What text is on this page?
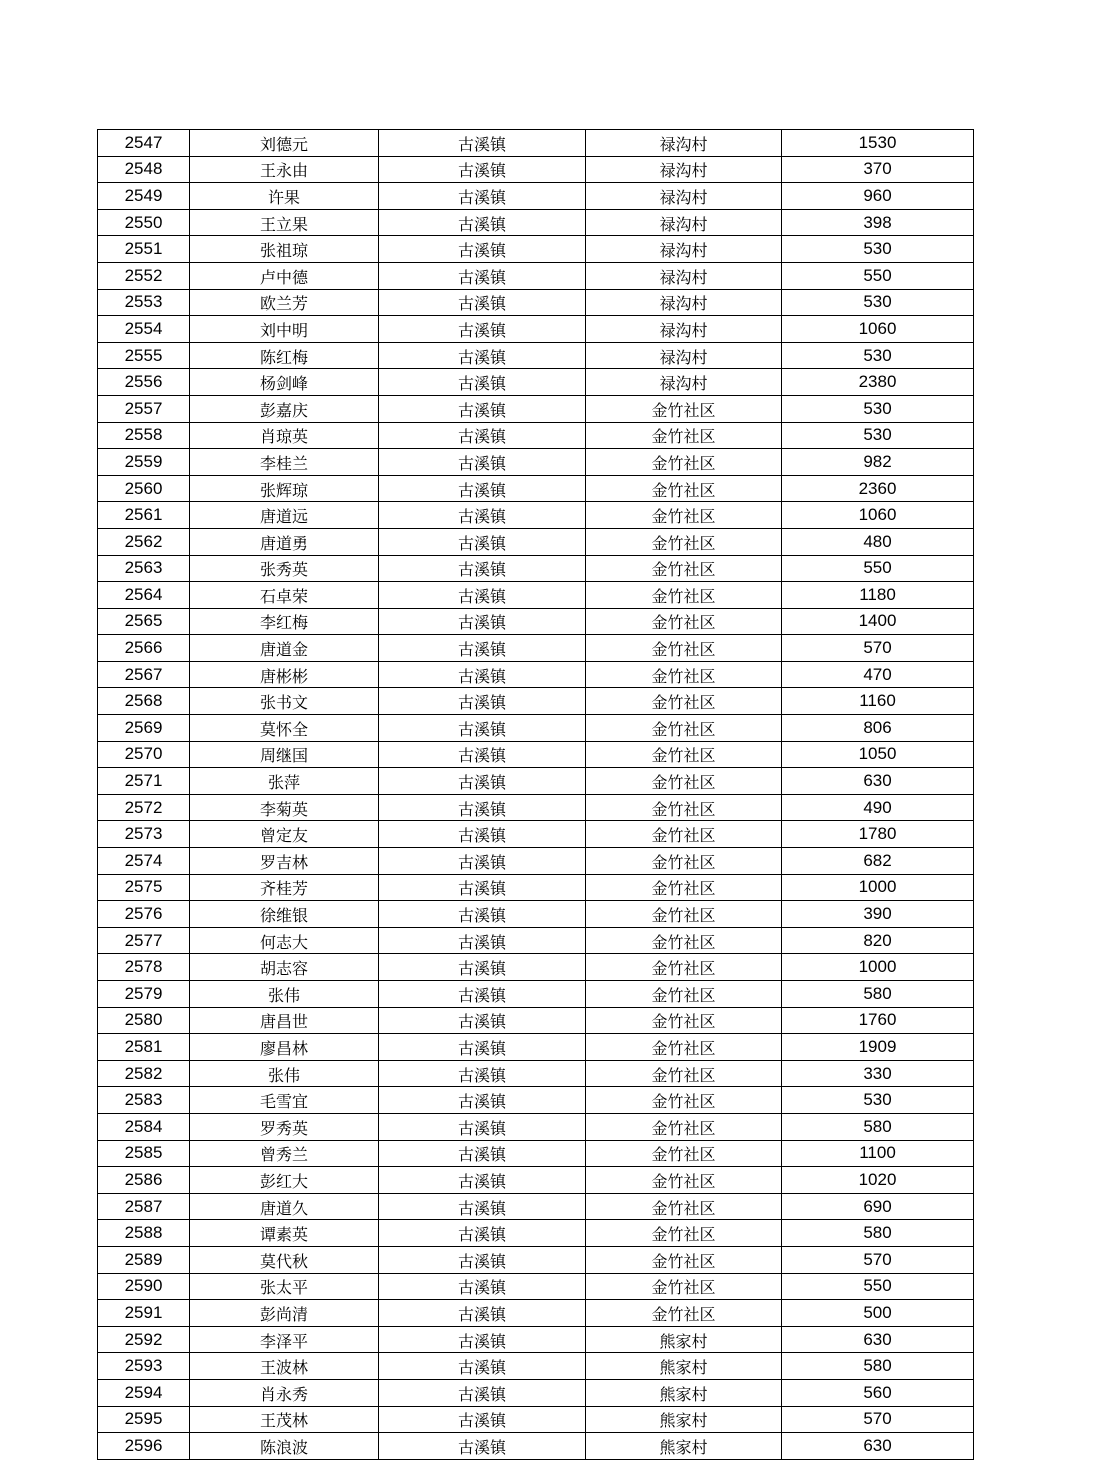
2547	刘德元	古溪镇	禄沟村	1530
2548	王永由	古溪镇	禄沟村	370
2549	许果	古溪镇	禄沟村	960
2550	王立果	古溪镇	禄沟村	398
2551	张祖琼	古溪镇	禄沟村	530
2552	卢中德	古溪镇	禄沟村	550
2553	欧兰芳	古溪镇	禄沟村	530
2554	刘中明	古溪镇	禄沟村	1060
2555	陈红梅	古溪镇	禄沟村	530
2556	杨剑峰	古溪镇	禄沟村	2380
2557	彭嘉庆	古溪镇	金竹社区	530
2558	肖琼英	古溪镇	金竹社区	530
2559	李桂兰	古溪镇	金竹社区	982
2560	张辉琼	古溪镇	金竹社区	2360
2561	唐道远	古溪镇	金竹社区	1060
2562	唐道勇	古溪镇	金竹社区	480
2563	张秀英	古溪镇	金竹社区	550
2564	石卓荣	古溪镇	金竹社区	1180
2565	李红梅	古溪镇	金竹社区	1400
2566	唐道金	古溪镇	金竹社区	570
2567	唐彬彬	古溪镇	金竹社区	470
2568	张书文	古溪镇	金竹社区	1160
2569	莫怀全	古溪镇	金竹社区	806
2570	周继国	古溪镇	金竹社区	1050
2571	张萍	古溪镇	金竹社区	630
2572	李菊英	古溪镇	金竹社区	490
2573	曾定友	古溪镇	金竹社区	1780
2574	罗吉林	古溪镇	金竹社区	682
2575	齐桂芳	古溪镇	金竹社区	1000
2576	徐维银	古溪镇	金竹社区	390
2577	何志大	古溪镇	金竹社区	820
2578	胡志容	古溪镇	金竹社区	1000
2579	张伟	古溪镇	金竹社区	580
2580	唐昌世	古溪镇	金竹社区	1760
2581	廖昌林	古溪镇	金竹社区	1909
2582	张伟	古溪镇	金竹社区	330
2583	毛雪宜	古溪镇	金竹社区	530
2584	罗秀英	古溪镇	金竹社区	580
2585	曾秀兰	古溪镇	金竹社区	1100
2586	彭红大	古溪镇	金竹社区	1020
2587	唐道久	古溪镇	金竹社区	690
2588	谭素英	古溪镇	金竹社区	580
2589	莫代秋	古溪镇	金竹社区	570
2590	张太平	古溪镇	金竹社区	550
2591	彭尚清	古溪镇	金竹社区	500
2592	李泽平	古溪镇	熊家村	630
2593	王波林	古溪镇	熊家村	580
2594	肖永秀	古溪镇	熊家村	560
2595	王茂林	古溪镇	熊家村	570
2596	陈浪波	古溪镇	熊家村	630
